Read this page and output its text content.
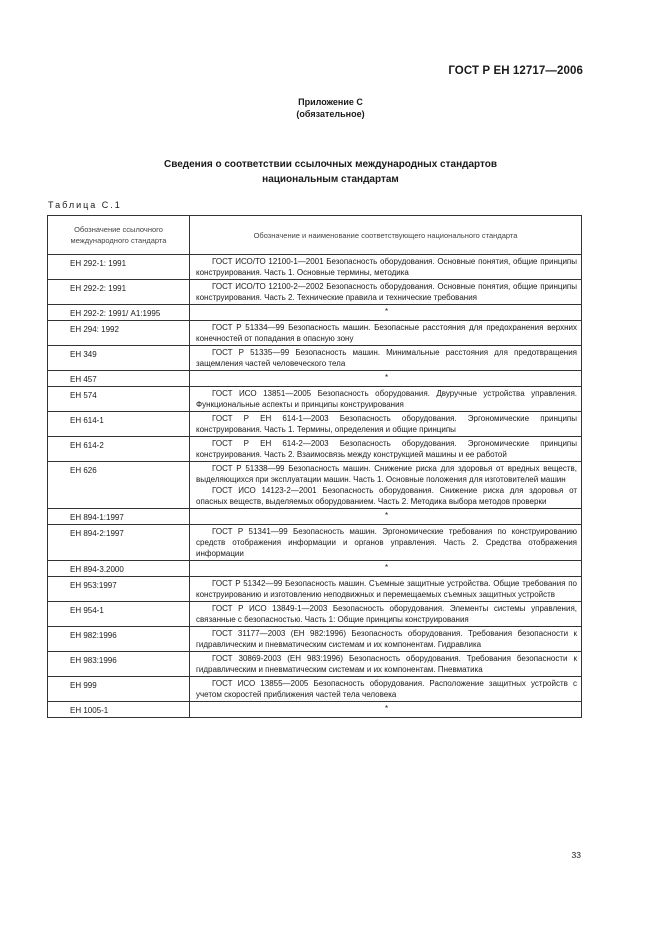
ГОСТ Р ЕН 12717—2006
Приложение С
(обязательное)
Сведения о соответствии ссылочных международных стандартов
национальным стандартам
Таблица С.1
Обозначение ссылочного международного стандарта	Обозначение и наименование соответствующего национального стандарта
ЕН 292-1: 1991	ГОСТ ИСО/ТО 12100-1—2001 Безопасность оборудования. Основные понятия, общие принципы конструирования. Часть 1. Основные термины, методика

ЕН 292-2: 1991	ГОСТ ИСО/ТО 12100-2—2002 Безопасность оборудования. Основные понятия, общие принципы конструирования. Часть 2. Технические правила и технические требования

ЕН 292-2: 1991/ А1:1995	*

ЕН 294: 1992	ГОСТ Р 51334—99 Безопасность машин. Безопасные расстояния для предохранения верхних конечностей от попадания в опасную зону

ЕН 349	ГОСТ Р 51335—99 Безопасность машин. Минимальные расстояния для предотвращения защемления частей человеческого тела

ЕН 457	*

ЕН 574	ГОСТ ИСО 13851—2005 Безопасность оборудования. Двуручные устройства управления. Функциональные аспекты и принципы конструирования

ЕН 614-1	ГОСТ Р ЕН 614-1—2003 Безопасность оборудования. Эргономические принципы конструирования. Часть 1. Термины, определения и общие принципы

ЕН 614-2	ГОСТ Р ЕН 614-2—2003 Безопасность оборудования. Эргономические принципы конструирования. Часть 2. Взаимосвязь между конструкцией машины и ее работой

ЕН 626	ГОСТ Р 51338—99 Безопасность машин. Снижение риска для здоровья от вредных веществ, выделяющихся при эксплуатации машин. Часть 1. Основные положения для изготовителей машин
ГОСТ ИСО 14123-2—2001 Безопасность оборудования. Снижение риска для здоровья от опасных веществ, выделяемых оборудованием. Часть 2. Методика выбора методов проверки

ЕН 894-1:1997	*

ЕН 894-2:1997	ГОСТ Р 51341—99 Безопасность машин. Эргономические требования по конструированию средств отображения информации и органов управления. Часть 2. Средства отображения информации

ЕН 894-3.2000	*

ЕН 953:1997	ГОСТ Р 51342—99 Безопасность машин. Съемные защитные устройства. Общие требования по конструированию и изготовлению неподвижных и перемещаемых съемных защитных устройств

ЕН 954-1	ГОСТ Р ИСО 13849-1—2003 Безопасность оборудования. Элементы системы управления, связанные с безопасностью. Часть 1: Общие принципы конструирования

ЕН 982:1996	ГОСТ 31177—2003 (ЕН 982:1996) Безопасность оборудования. Требования безопасности к гидравлическим и пневматическим системам и их компонентам. Гидравлика

ЕН 983:1996	ГОСТ 30869-2003 (ЕН 983:1996) Безопасность оборудования. Требования безопасности к гидравлическим и пневматическим системам и их компонентам. Пневматика

ЕН 999	ГОСТ ИСО 13855—2005 Безопасность оборудования. Расположение защитных устройств с учетом скоростей приближения частей тела человека

ЕН 1005-1	*
33
